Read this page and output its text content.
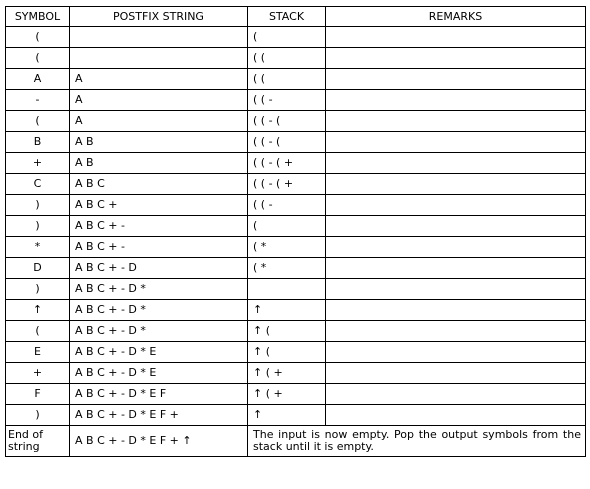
SYMBOL	POSTFIX STRING	STACK	REMARKS
(		(	
(		( (	
A	A	( (	
-	A	( ( -	
(	A	( ( - (	
B	A B	( ( - (	
+	A B	( ( - ( +	
C	A B C	( ( - ( +	
)	A B C +	( ( -	
)	A B C + -	(	
*	A B C + -	( *	
D	A B C + - D	( *	
)	A B C + - D *		
↑	A B C + - D *	↑	
(	A B C + - D *	↑ (	
E	A B C + - D * E	↑ (	
+	A B C + - D * E	↑ ( +	
F	A B C + - D * E F	↑ ( +	
)	A B C + - D * E F +	↑	
End of string	A B C + - D * E F + ↑	The input is now empty. Pop the output symbols from the stack until it is empty.	
